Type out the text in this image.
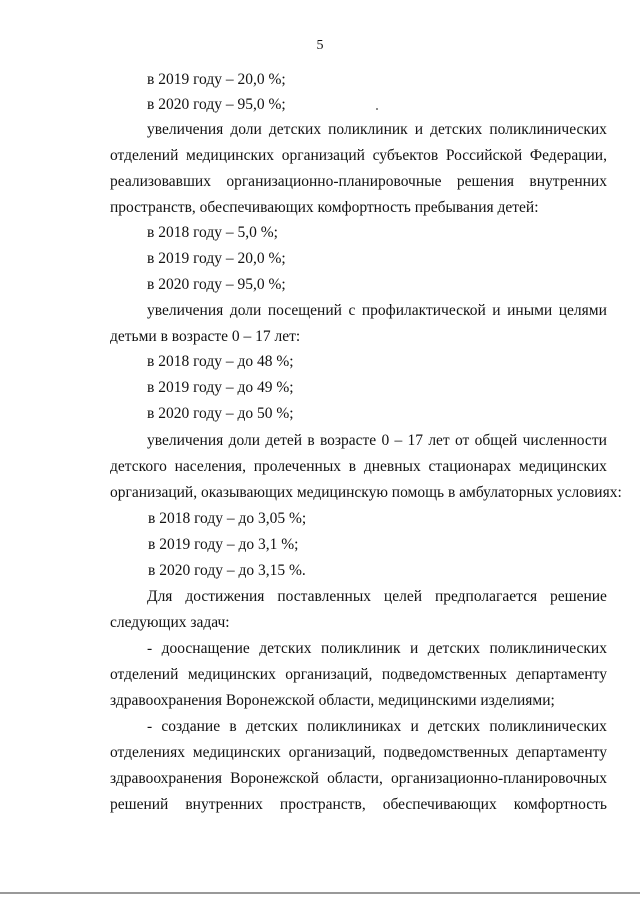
5
в 2019 году – 20,0 %;
в 2020 году – 95,0 %;
увеличения доли детских поликлиник и детских поликлинических
отделений медицинских организаций субъектов Российской Федерации,
реализовавших организационно-планировочные решения внутренних
пространств, обеспечивающих комфортность пребывания детей:
в 2018 году – 5,0 %;
в 2019 году – 20,0 %;
в 2020 году – 95,0 %;
увеличения доли посещений с профилактической и иными целями
детьми в возрасте 0 – 17 лет:
в 2018 году – до 48 %;
в 2019 году – до 49 %;
в 2020 году – до 50 %;
увеличения доли детей в возрасте 0 – 17 лет от общей численности
детского населения, пролеченных в дневных стационарах медицинских
организаций, оказывающих медицинскую помощь в амбулаторных условиях:
в 2018 году – до 3,05 %;
в 2019 году – до 3,1 %;
в 2020 году – до 3,15 %.
Для достижения поставленных целей предполагается решение
следующих задач:
- дооснащение детских поликлиник и детских поликлинических
отделений медицинских организаций, подведомственных департаменту
здравоохранения Воронежской области, медицинскими изделиями;
- создание в детских поликлиниках и детских поликлинических
отделениях медицинских организаций, подведомственных департаменту
здравоохранения Воронежской области, организационно-планировочных
решений внутренних пространств, обеспечивающих комфортность
